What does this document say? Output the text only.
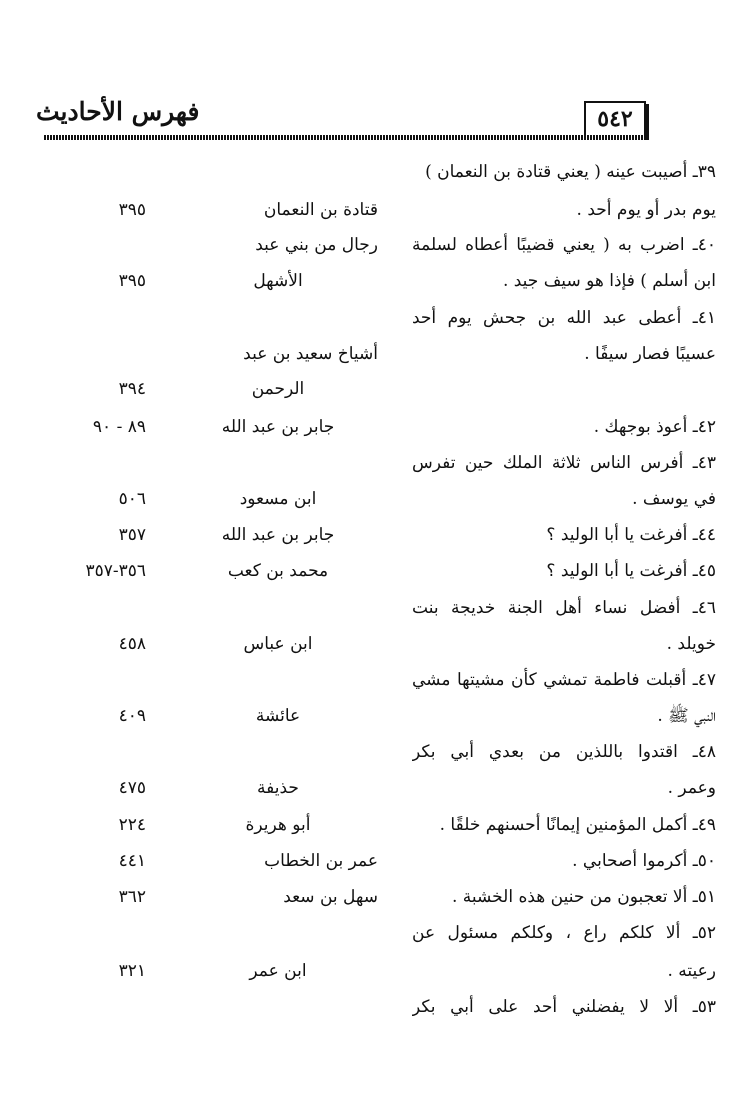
فهرس الأحاديث	٥٤٢
٣٩ـ أصيبت عينه ( يعني قتادة بن النعمان )
يوم بدر أو يوم أحد .
قتادة بن النعمان
٣٩٥
٤٠ـ اضرب به ( يعني قضيبًا أعطاه لسلمة
رجال من بني عبد
ابن أسلم ) فإذا هو سيف جيد .
الأشهل
٣٩٥
٤١ـ أعطى عبد الله بن جحش يوم أحد
عسيبًا فصار سيفًا .
أشياخ سعيد بن عبد
الرحمن
٣٩٤
٤٢ـ أعوذ بوجهك .
جابر بن عبد الله
٨٩ - ٩٠
٤٣ـ أفرس الناس ثلاثة الملك حين تفرس
في يوسف .
ابن مسعود
٥٠٦
٤٤ـ أفرغت يا أبا الوليد ؟
جابر بن عبد الله
٣٥٧
٤٥ـ أفرغت يا أبا الوليد ؟
محمد بن كعب
٣٥٦-٣٥٧
٤٦ـ أفضل نساء أهل الجنة خديجة بنت
خويلد .
ابن عباس
٤٥٨
٤٧ـ أقبلت فاطمة تمشي كأن مشيتها مشي
النبي ﷺ .
عائشة
٤٠٩
٤٨ـ اقتدوا باللذين من بعدي أبي بكر
وعمر .
حذيفة
٤٧٥
٤٩ـ أكمل المؤمنين إيمانًا أحسنهم خلقًا .
أبو هريرة
٢٢٤
٥٠ـ أكرموا أصحابي .
عمر بن الخطاب
٤٤١
٥١ـ ألا تعجبون من حنين هذه الخشبة .
سهل بن سعد
٣٦٢
٥٢ـ ألا كلكم راع ، وكلكم مسئول عن
رعيته .
ابن عمر
٣٢١
٥٣ـ ألا لا يفضلني أحد على أبي بكر
